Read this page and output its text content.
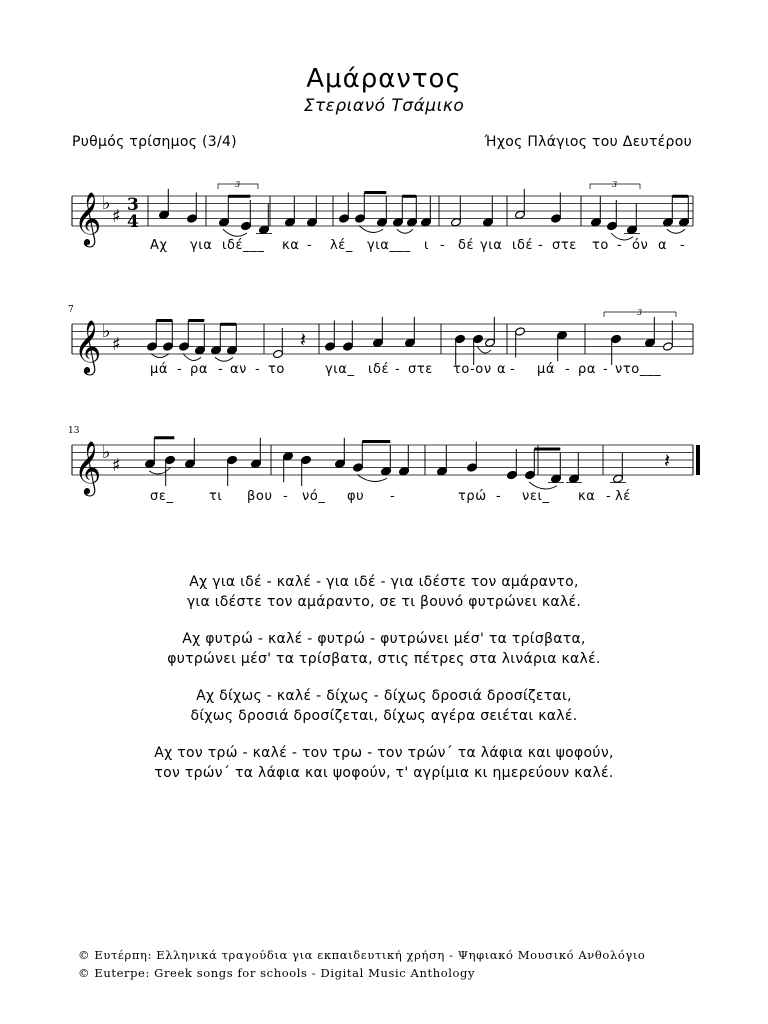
Αμάραντος
Στεριανό Τσάμικο
Ρυθμός τρίσημος (3/4)	Ήχος Πλάγιος του Δευτέρου
𝄞 ♭
♯
3
4
3	3
Αχ για ιδέ___ κα - λέ_ για___ ι - δέ για ιδέ - στε το - όν α -
𝄞 ♭
♯
7
𝄽
3
μά - ρα - αν - το	για_ ιδέ - στε το-ον α - μά - ρα - ντο___
𝄞 ♭
♯
13
𝄽
σε_	τι βου - νό_ φυ -	τρώ - νει_ κα - λέ
Αχ για ιδέ - καλέ - για ιδέ - για ιδέστε τον αμάραντο,
για ιδέστε τον αμάραντο, σε τι βουνό φυτρώνει καλέ.
Αχ φυτρώ - καλέ - φυτρώ - φυτρώνει μέσ' τα τρίσβατα,
φυτρώνει μέσ' τα τρίσβατα, στις πέτρες στα λινάρια καλέ.
Αχ δίχως - καλέ - δίχως - δίχως δροσιά δροσίζεται,
δίχως δροσιά δροσίζεται, δίχως αγέρα σειέται καλέ.
Αχ τον τρώ - καλέ - τον τρω - τον τρών΄ τα λάφια και ψοφούν,
τον τρών΄ τα λάφια και ψοφούν, τ' αγρίμια κι ημερεύουν καλέ.
© Ευτέρπη: Ελληνικά τραγούδια για εκπαιδευτική χρήση - Ψηφιακό Μουσικό Ανθολόγιο
© Euterpe: Greek songs for schools - Digital Music Anthology
